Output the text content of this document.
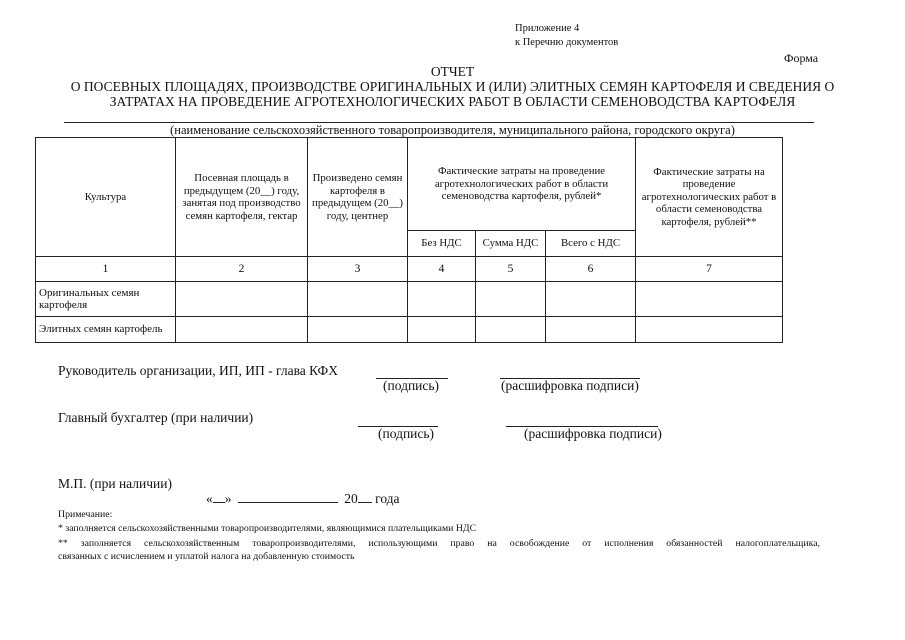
Приложение 4
к Перечню документов
Форма
ОТЧЕТ
О ПОСЕВНЫХ ПЛОЩАДЯХ, ПРОИЗВОДСТВЕ ОРИГИНАЛЬНЫХ И (ИЛИ) ЭЛИТНЫХ СЕМЯН КАРТОФЕЛЯ И СВЕДЕНИЯ О
ЗАТРАТАХ НА ПРОВЕДЕНИЕ АГРОТЕХНОЛОГИЧЕСКИХ РАБОТ В ОБЛАСТИ СЕМЕНОВОДСТВА КАРТОФЕЛЯ
(наименование сельскохозяйственного товаропроизводителя, муниципального района, городского округа)
Культура	Посевная площадь в предыдущем (20__) году, занятая под производство семян картофеля, гектар	Произведено семян картофеля в предыдущем (20__) году, центнер	Фактические затраты на проведение агротехнологических работ в области семеноводства картофеля, рублей*			Фактические затраты на проведение агротехнологических работ в области семеноводства картофеля, рублей**
			Без НДС	Сумма НДС	Всего с НДС	
1	2	3	4	5	6	7
Оригинальных семян картофеля						
Элитных семян картофель						
Руководитель организации, ИП, ИП - глава КФХ
(подпись)	(расшифровка подписи)
Главный бухгалтер (при наличии)
(подпись)	(расшифровка подписи)
М.П. (при наличии)
« »	20 года
Примечание:
* заполняется сельскохозяйственными товаропроизводителями, являющимися плательщиками НДС
** заполняется сельскохозяйственным товаропроизводителями, использующими право на освобождение от исполнения обязанностей налогоплательщика,
связанных с исчислением и уплатой налога на добавленную стоимость
